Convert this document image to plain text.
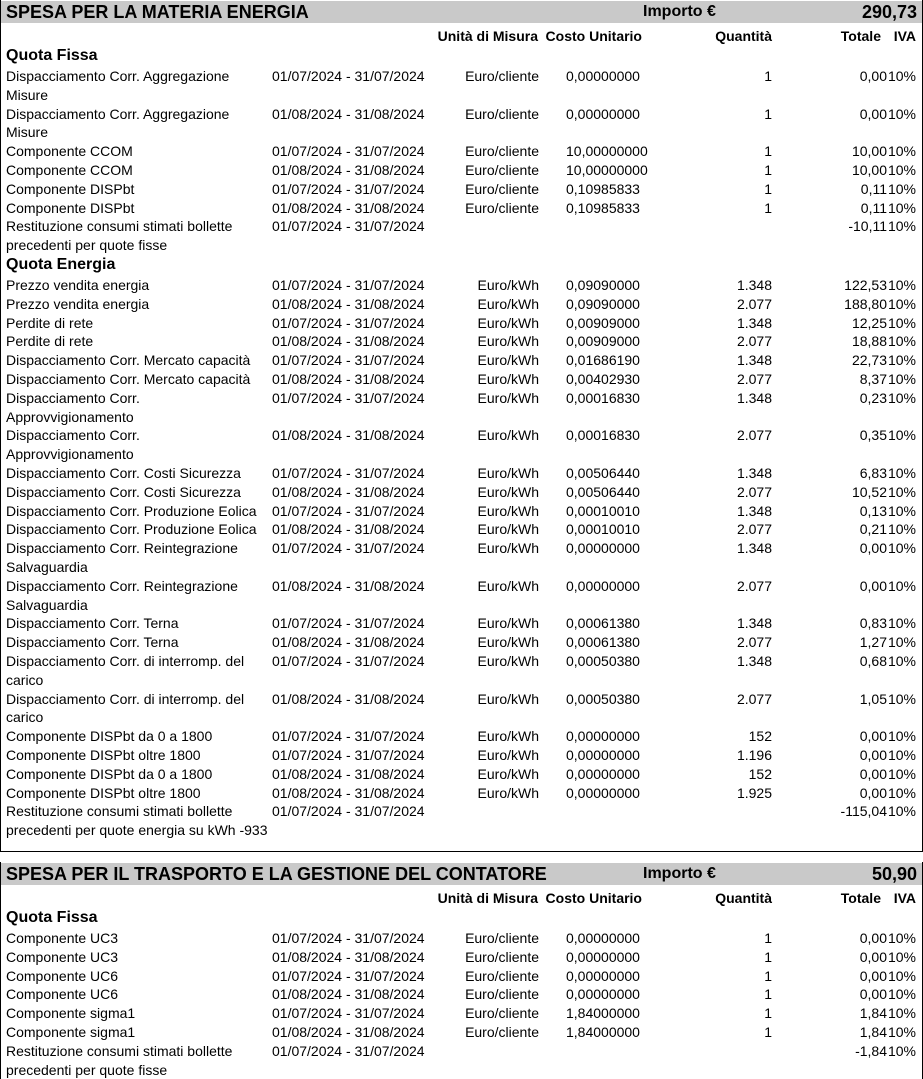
SPESA PER LA MATERIA ENERGIA	Importo €	290,73
Unità di Misura Costo Unitario	Quantità	Totale IVA
Quota Fissa
Dispacciamento Corr. Aggregazione	01/07/2024 - 31/07/2024	Euro/cliente 0,00000000	1	0,00 10%
Misure
Dispacciamento Corr. Aggregazione	01/08/2024 - 31/08/2024	Euro/cliente 0,00000000	1	0,00 10%
Misure
Componente CCOM	01/07/2024 - 31/07/2024	Euro/cliente 10,00000000	1	10,00 10%
Componente CCOM	01/08/2024 - 31/08/2024	Euro/cliente 10,00000000	1	10,00 10%
Componente DISPbt	01/07/2024 - 31/07/2024	Euro/cliente 0,10985833	1	0,11 10%
Componente DISPbt	01/08/2024 - 31/08/2024	Euro/cliente 0,10985833	1	0,11 10%
Restituzione consumi stimati bollette	01/07/2024 - 31/07/2024	-10,11 10%
precedenti per quote fisse
Quota Energia
Prezzo vendita energia	01/07/2024 - 31/07/2024	Euro/kWh 0,09090000	1.348	122,53 10%
Prezzo vendita energia	01/08/2024 - 31/08/2024	Euro/kWh 0,09090000	2.077	188,80 10%
Perdite di rete	01/07/2024 - 31/07/2024	Euro/kWh 0,00909000	1.348	12,25 10%
Perdite di rete	01/08/2024 - 31/08/2024	Euro/kWh 0,00909000	2.077	18,88 10%
Dispacciamento Corr. Mercato capacità 01/07/2024 - 31/07/2024	Euro/kWh 0,01686190	1.348	22,73 10%
Dispacciamento Corr. Mercato capacità 01/08/2024 - 31/08/2024	Euro/kWh 0,00402930	2.077	8,37 10%
Dispacciamento Corr.	01/07/2024 - 31/07/2024	Euro/kWh 0,00016830	1.348	0,23 10%
Approvvigionamento
Dispacciamento Corr.	01/08/2024 - 31/08/2024	Euro/kWh 0,00016830	2.077	0,35 10%
Approvvigionamento
Dispacciamento Corr. Costi Sicurezza 01/07/2024 - 31/07/2024	Euro/kWh 0,00506440	1.348	6,83 10%
Dispacciamento Corr. Costi Sicurezza 01/08/2024 - 31/08/2024	Euro/kWh 0,00506440	2.077	10,52 10%
Dispacciamento Corr. Produzione Eolica 01/07/2024 - 31/07/2024	Euro/kWh 0,00010010	1.348	0,13 10%
Dispacciamento Corr. Produzione Eolica 01/08/2024 - 31/08/2024	Euro/kWh 0,00010010	2.077	0,21 10%
Dispacciamento Corr. Reintegrazione 01/07/2024 - 31/07/2024	Euro/kWh 0,00000000	1.348	0,00 10%
Salvaguardia
Dispacciamento Corr. Reintegrazione 01/08/2024 - 31/08/2024	Euro/kWh 0,00000000	2.077	0,00 10%
Salvaguardia
Dispacciamento Corr. Terna	01/07/2024 - 31/07/2024	Euro/kWh 0,00061380	1.348	0,83 10%
Dispacciamento Corr. Terna	01/08/2024 - 31/08/2024	Euro/kWh 0,00061380	2.077	1,27 10%
Dispacciamento Corr. di interromp. del 01/07/2024 - 31/07/2024	Euro/kWh 0,00050380	1.348	0,68 10%
carico
Dispacciamento Corr. di interromp. del 01/08/2024 - 31/08/2024	Euro/kWh 0,00050380	2.077	1,05 10%
carico
Componente DISPbt da 0 a 1800	01/07/2024 - 31/07/2024	Euro/kWh 0,00000000	152	0,00 10%
Componente DISPbt oltre 1800	01/07/2024 - 31/07/2024	Euro/kWh 0,00000000	1.196	0,00 10%
Componente DISPbt da 0 a 1800	01/08/2024 - 31/08/2024	Euro/kWh 0,00000000	152	0,00 10%
Componente DISPbt oltre 1800	01/08/2024 - 31/08/2024	Euro/kWh 0,00000000	1.925	0,00 10%
Restituzione consumi stimati bollette	01/07/2024 - 31/07/2024	-115,04 10%
precedenti per quote energia su kWh -933
SPESA PER IL TRASPORTO E LA GESTIONE DEL CONTATORE	Importo €	50,90
Unità di Misura Costo Unitario	Quantità	Totale IVA
Quota Fissa
Componente UC3	01/07/2024 - 31/07/2024	Euro/cliente 0,00000000	1	0,00 10%
Componente UC3	01/08/2024 - 31/08/2024	Euro/cliente 0,00000000	1	0,00 10%
Componente UC6	01/07/2024 - 31/07/2024	Euro/cliente 0,00000000	1	0,00 10%
Componente UC6	01/08/2024 - 31/08/2024	Euro/cliente 0,00000000	1	0,00 10%
Componente sigma1	01/07/2024 - 31/07/2024	Euro/cliente 1,84000000	1	1,84 10%
Componente sigma1	01/08/2024 - 31/08/2024	Euro/cliente 1,84000000	1	1,84 10%
Restituzione consumi stimati bollette	01/07/2024 - 31/07/2024	-1,84 10%
precedenti per quote fisse
